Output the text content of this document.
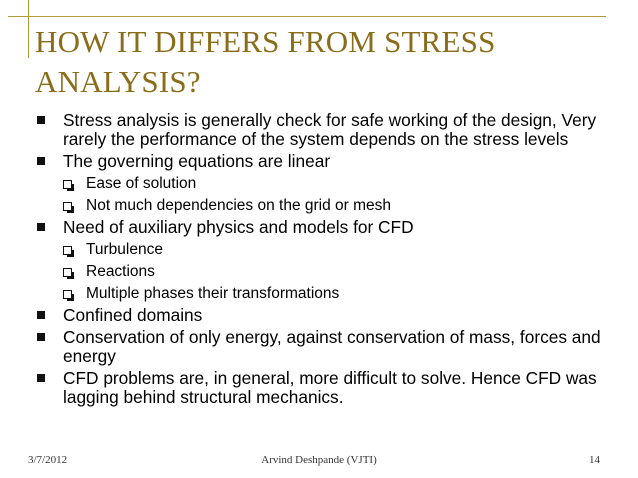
HOW IT DIFFERS FROM STRESS ANALYSIS?
Stress analysis is generally check for safe working of the design, Very rarely the performance of the system depends on the stress levels
The governing equations are linear
Ease of solution
Not much dependencies on the grid or mesh
Need of auxiliary physics and models for CFD
Turbulence
Reactions
Multiple phases their transformations
Confined domains
Conservation of only energy, against conservation of mass, forces and energy
CFD problems are, in general, more difficult to solve. Hence CFD was lagging behind structural mechanics.
3/7/2012	Arvind Deshpande (VJTI)	14
